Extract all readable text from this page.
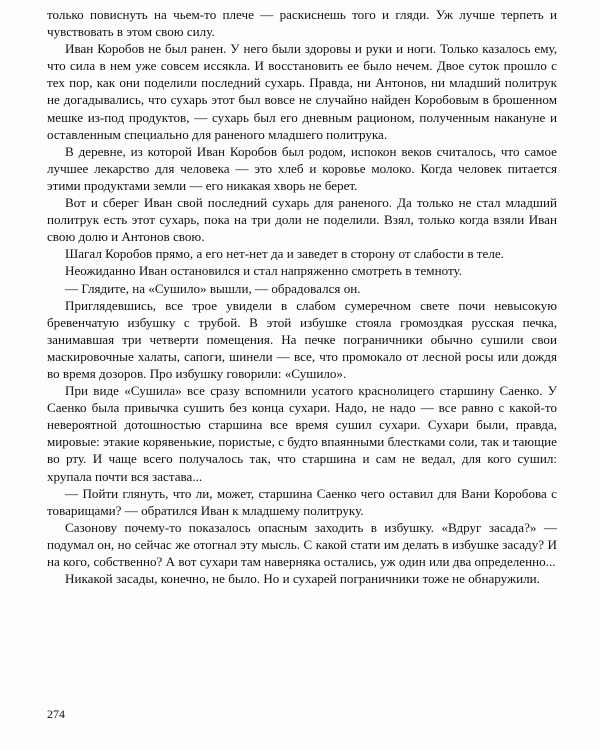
только повиснуть на чьем-то плече — раскиснешь того и гляди. Уж лучше терпеть и чувствовать в этом свою силу.

Иван Коробов не был ранен. У него были здоровы и руки и ноги. Только казалось ему, что сила в нем уже совсем иссякла. И восстановить ее было нечем. Двое суток прошло с тех пор, как они поделили последний сухарь. Правда, ни Антонов, ни младший политрук не догадывались, что сухарь этот был вовсе не случайно найден Коробовым в брошенном мешке из-под продуктов, — сухарь был его дневным рационом, полученным накануне и оставленным специально для раненого младшего политрука.

В деревне, из которой Иван Коробов был родом, испокон веков считалось, что самое лучшее лекарство для человека — это хлеб и коровье молоко. Когда человек питается этими продуктами земли — его никакая хворь не берет.

Вот и сберег Иван свой последний сухарь для раненого. Да только не стал младший политрук есть этот сухарь, пока на три доли не поделили. Взял, только когда взяли Иван свою долю и Антонов свою.

Шагал Коробов прямо, а его нет-нет да и заведет в сторону от слабости в теле.

Неожиданно Иван остановился и стал напряженно смотреть в темноту.

— Глядите, на «Сушило» вышли, — обрадовался он.

Приглядевшись, все трое увидели в слабом сумеречном свете почи невысокую бревенчатую избушку с трубой. В этой избушке стояла громоздкая русская печка, занимавшая три четверти помещения. На печке пограничники обычно сушили свои маскировочные халаты, сапоги, шинели — все, что промокало от лесной росы или дождя во время дозоров. Про избушку говорили: «Сушило».

При виде «Сушила» все сразу вспомнили усатого краснолицего старшину Саенко. У Саенко была привычка сушить без конца сухари. Надо, не надо — все равно с какой-то невероятной дотошностью старшина все время сушил сухари. Сухари были, правда, мировые: этакие корявенькие, пористые, с будто впаянными блестками соли, так и тающие во рту. И чаще всего получалось так, что старшина и сам не ведал, для кого сушил: хрупала почти вся застава...

— Пойти глянуть, что ли, может, старшина Саенко чего оставил для Вани Коробова с товарищами? — обратился Иван к младшему политруку.

Сазонову почему-то показалось опасным заходить в избушку. «Вдруг засада?» — подумал он, но сейчас же отогнал эту мысль. С какой стати им делать в избушке засаду? И на кого, собственно? А вот сухари там наверняка остались, уж один или два определенно...

Никакой засады, конечно, не было. Но и сухарей пограничники тоже не обнаружили.

274
